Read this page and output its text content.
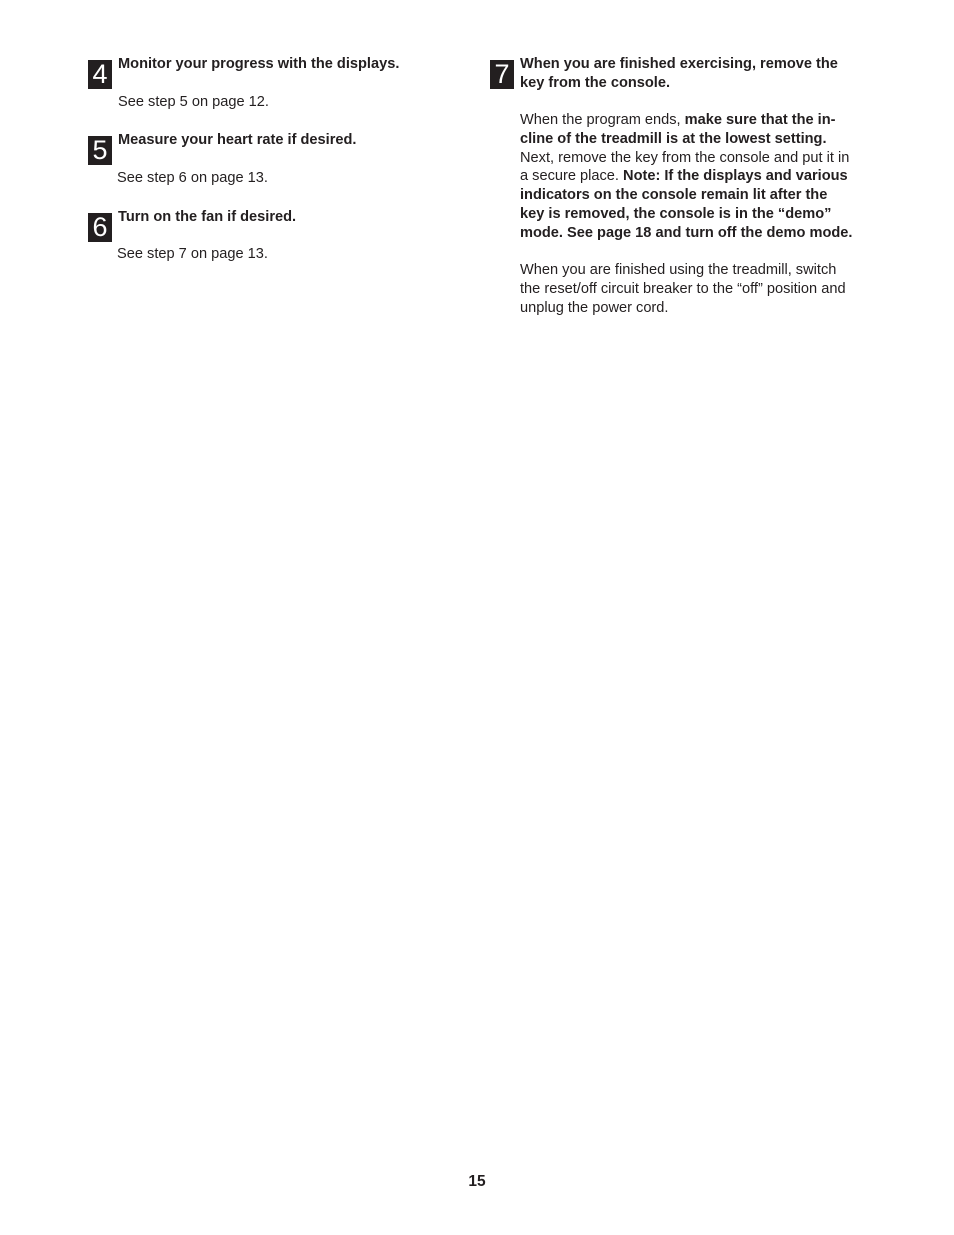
4 Monitor your progress with the displays.

See step 5 on page 12.

5 Measure your heart rate if desired.

See step 6 on page 13.

6 Turn on the fan if desired.

See step 7 on page 13.

7 When you are finished exercising, remove the
key from the console.
When the program ends, make sure that the in-
cline of the treadmill is at the lowest setting.
Next, remove the key from the console and put it in
a secure place. Note: If the displays and various
indicators on the console remain lit after the
key is removed, the console is in the “demo”
mode. See page 18 and turn off the demo mode.
When you are finished using the treadmill, switch
the reset/off circuit breaker to the “off” position and
unplug the power cord.
15
